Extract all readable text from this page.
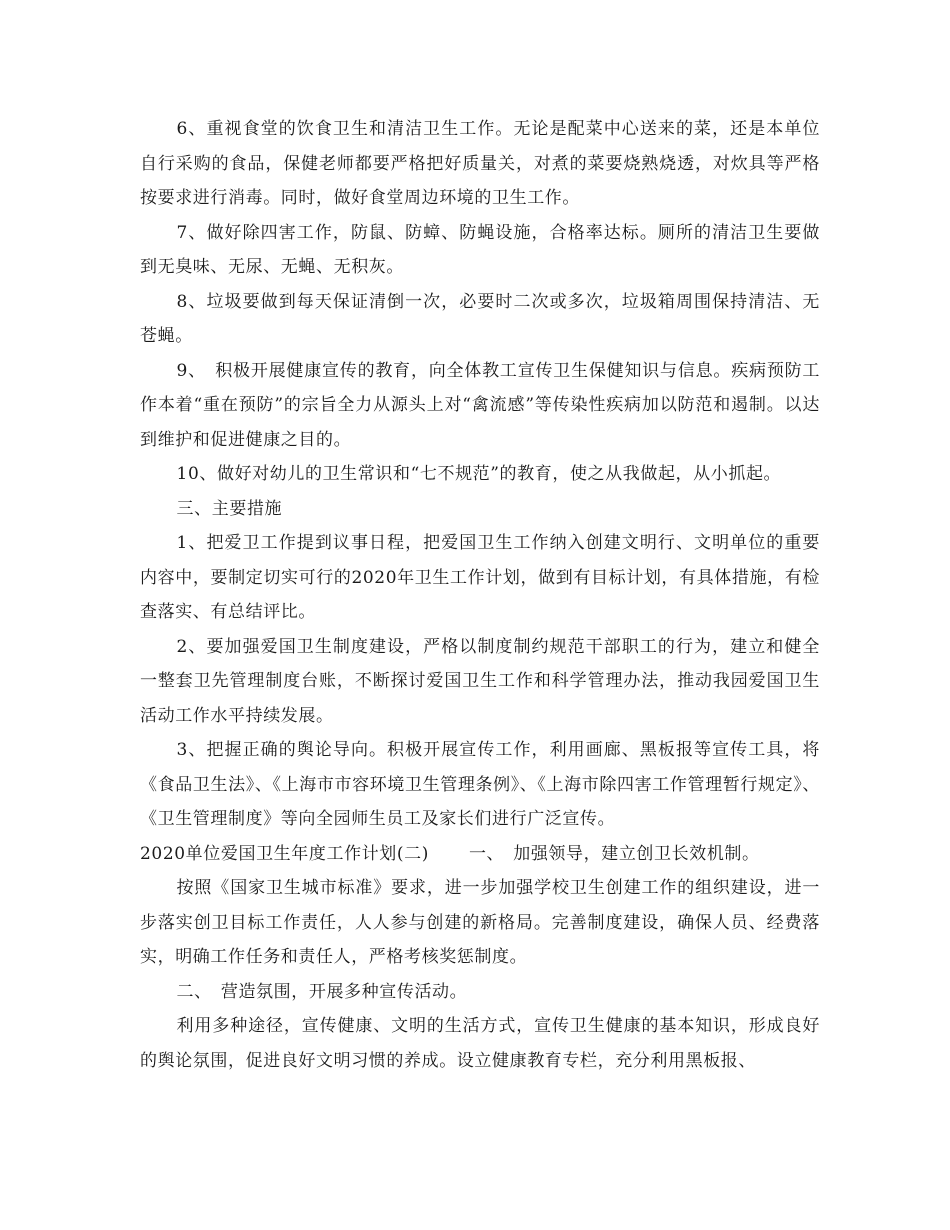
6、重视食堂的饮食卫生和清洁卫生工作。无论是配菜中心送来的菜，还是本单位自行采购的食品，保健老师都要严格把好质量关，对煮的菜要烧熟烧透，对炊具等严格按要求进行消毒。同时，做好食堂周边环境的卫生工作。

7、做好除四害工作，防鼠、防蟑、防蝇设施，合格率达标。厕所的清洁卫生要做到无臭味、无尿、无蝇、无积灰。

8、垃圾要做到每天保证清倒一次，必要时二次或多次，垃圾箱周围保持清洁、无苍蝇。

9、　积极开展健康宣传的教育，向全体教工宣传卫生保健知识与信息。疾病预防工作本着“重在预防”的宗旨全力从源头上对“禽流感”等传染性疾病加以防范和遏制。以达到维护和促进健康之目的。

10、做好对幼儿的卫生常识和“七不规范”的教育，使之从我做起，从小抓起。

三、主要措施

1、把爱卫工作提到议事日程，把爱国卫生工作纳入创建文明行、文明单位的重要内容中，要制定切实可行的2020年卫生工作计划，做到有目标计划，有具体措施，有检查落实、有总结评比。

2、要加强爱国卫生制度建设，严格以制度制约规范干部职工的行为，建立和健全一整套卫先管理制度台账，不断探讨爱国卫生工作和科学管理办法，推动我园爱国卫生活动工作水平持续发展。

3、把握正确的舆论导向。积极开展宣传工作，利用画廊、黑板报等宣传工具，将《食品卫生法》、《上海市市容环境卫生管理条例》、《上海市除四害工作管理暂行规定》、《卫生管理制度》等向全园师生员工及家长们进行广泛宣传。

2020单位爱国卫生年度工作计划(二) 一、　加强领导，建立创卫长效机制。

按照《国家卫生城市标准》要求，进一步加强学校卫生创建工作的组织建设，进一步落实创卫目标工作责任，人人参与创建的新格局。完善制度建设，确保人员、经费落实，明确工作任务和责任人，严格考核奖惩制度。

二、　营造氛围，开展多种宣传活动。

利用多种途径，宣传健康、文明的生活方式，宣传卫生健康的基本知识，形成良好的舆论氛围，促进良好文明习惯的养成。设立健康教育专栏，充分利用黑板报、
